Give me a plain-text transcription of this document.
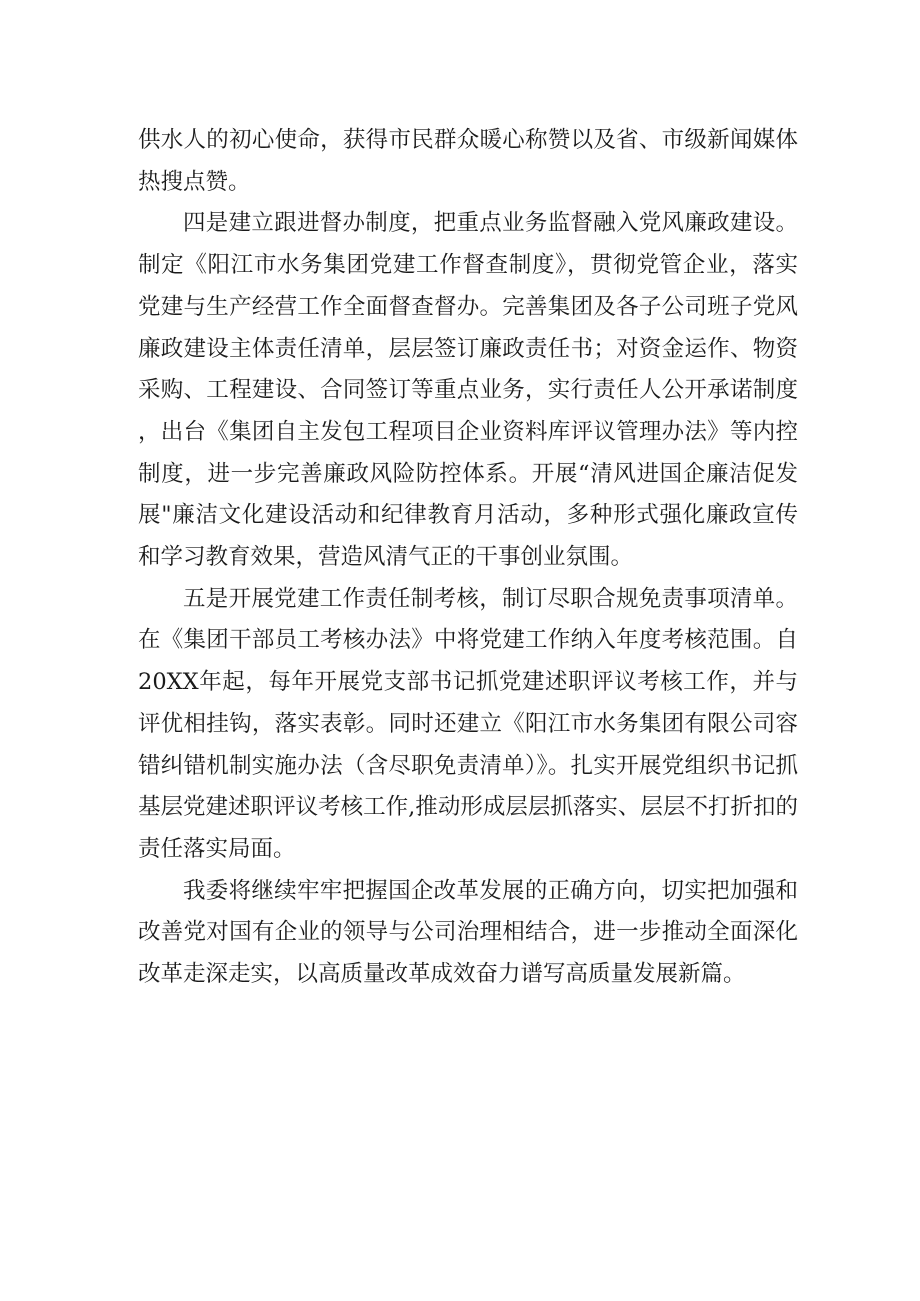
供水人的初心使命，获得市民群众暖心称赞以及省、市级新闻媒体热搜点赞。

四是建立跟进督办制度，把重点业务监督融入党风廉政建设。制定《阳江市水务集团党建工作督查制度》，贯彻党管企业，落实党建与生产经营工作全面督查督办。完善集团及各子公司班子党风廉政建设主体责任清单，层层签订廉政责任书；对资金运作、物资采购、工程建设、合同签订等重点业务，实行责任人公开承诺制度，出台《集团自主发包工程项目企业资料库评议管理办法》等内控制度，进一步完善廉政风险防控体系。开展“清风进国企廉洁促发展"廉洁文化建设活动和纪律教育月活动，多种形式强化廉政宣传和学习教育效果，营造风清气正的干事创业氛围。

五是开展党建工作责任制考核，制订尽职合规免责事项清单。在《集团干部员工考核办法》中将党建工作纳入年度考核范围。自20XX年起，每年开展党支部书记抓党建述职评议考核工作，并与评优相挂钩，落实表彰。同时还建立《阳江市水务集团有限公司容错纠错机制实施办法（含尽职免责清单）》。扎实开展党组织书记抓基层党建述职评议考核工作,推动形成层层抓落实、层层不打折扣的责任落实局面。

我委将继续牢牢把握国企改革发展的正确方向，切实把加强和改善党对国有企业的领导与公司治理相结合，进一步推动全面深化改革走深走实，以高质量改革成效奋力谱写高质量发展新篇。
